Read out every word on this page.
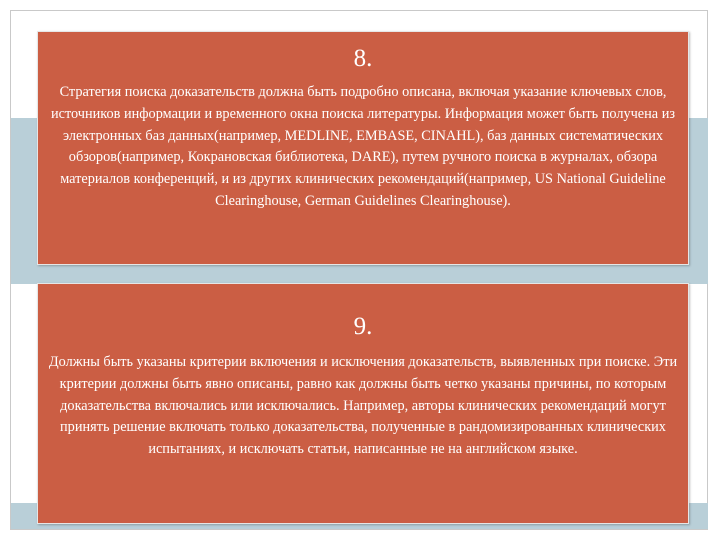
8.
Стратегия поиска доказательств должна быть подробно описана, включая указание ключевых слов, источников информации и временного окна поиска литературы. Информация может быть получена из электронных баз данных(например, MEDLINE, EMBASE, CINAHL), баз данных систематических обзоров(например, Кокрановская библиотека, DARE), путем ручного поиска в журналах, обзора материалов конференций, и из других клинических рекомендаций(например, US National Guideline Clearinghouse, German Guidelines Clearinghouse).
9.
Должны быть указаны критерии включения и исключения доказательств, выявленных при поиске. Эти критерии должны быть явно описаны, равно как должны быть четко указаны причины, по которым доказательства включались или исключались. Например, авторы клинических рекомендаций могут принять решение включать только доказательства, полученные в рандомизированных клинических испытаниях, и исключать статьи, написанные не на английском языке.
